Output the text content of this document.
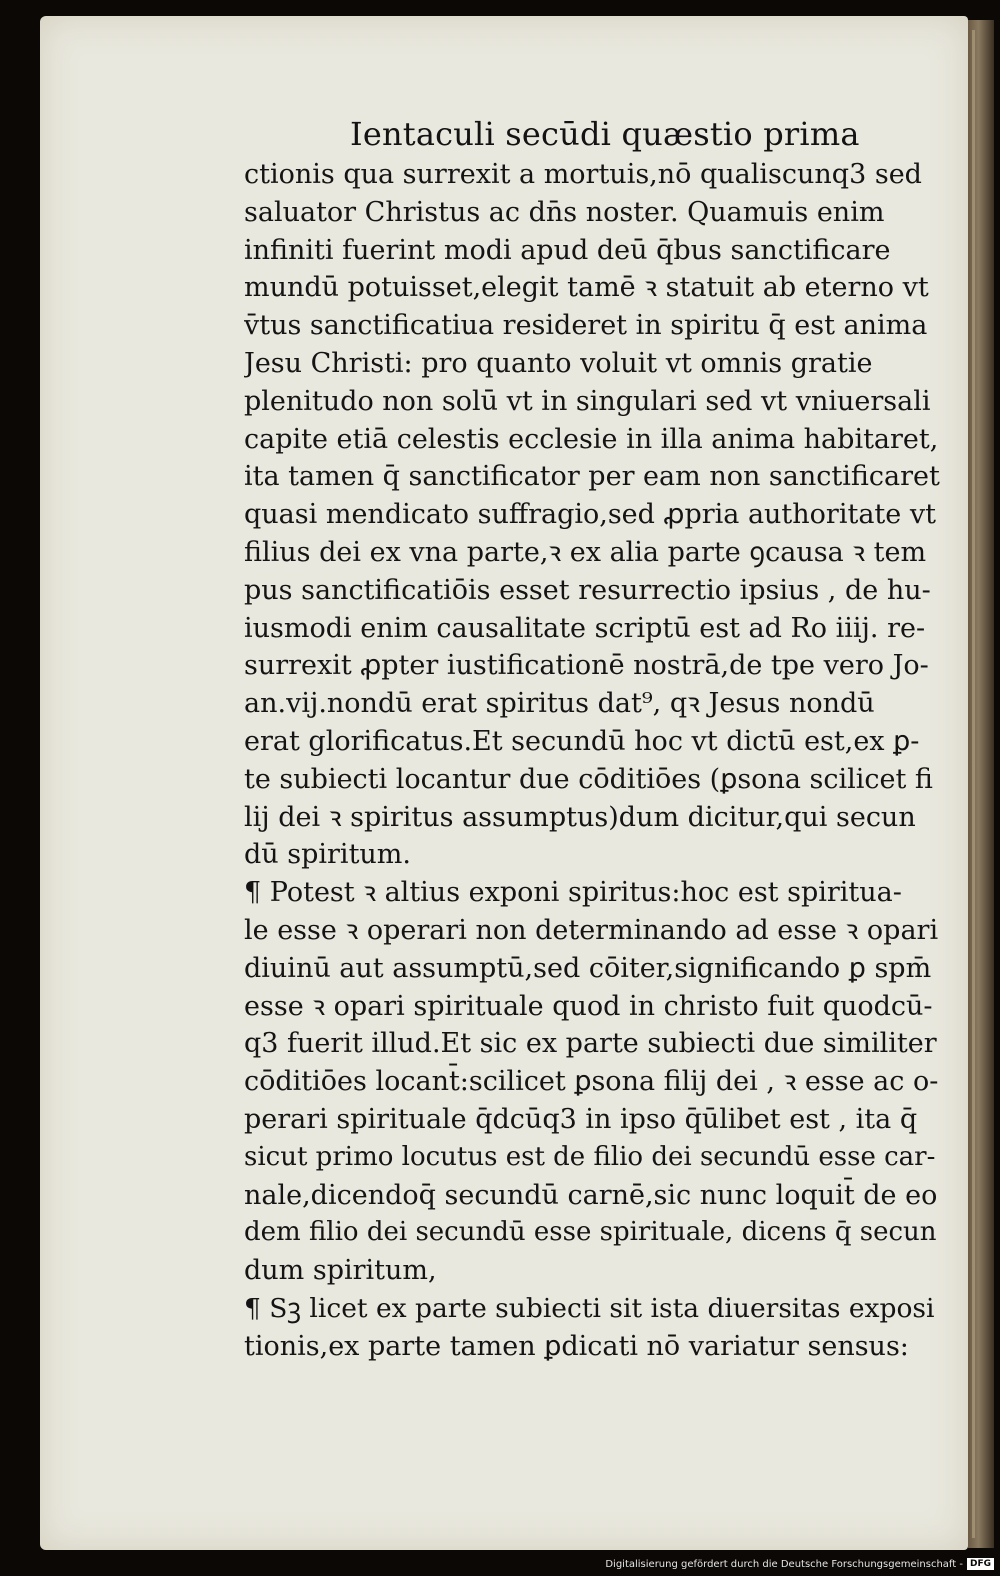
Ientaculi secūdi quæstio prima
ctionis qua surrexit a mortuis,nō qualiscunq3 sed
saluator Christus ac dn̄s noster. Quamuis enim
infiniti fuerint modi apud deū q̄bus sanctificare
mundū potuisset,elegit tamē ꝛ statuit ab eterno vt
v̄tus sanctificatiua resideret in spiritu q̄ est anima
Jesu Christi: pro quanto voluit vt omnis gratie
plenitudo non solū vt in singulari sed vt vniuersali
capite etiā celestis ecclesie in illa anima habitaret,
ita tamen q̄ sanctificator per eam non sanctificaret
quasi mendicato suffragio,sed ꝓpria authoritate vt
filius dei ex vna parte,ꝛ ex alia parte ꝯcausa ꝛ tem
pus sanctificatiōis esset resurrectio ipsius , de hu-
iusmodi enim causalitate scriptū est ad Ro iiij. re-
surrexit ꝓpter iustificationē nostrā,de tpe vero Jo-
an.vij.nondū erat spiritus dat⁹, qꝛ Jesus nondū
erat glorificatus.Et secundū hoc vt dictū est,ex ꝑ-
te subiecti locantur due cōditiōes (ꝑsona scilicet fi
lij dei ꝛ spiritus assumptus)dum dicitur,qui secun
dū spiritum.
¶ Potest ꝛ altius exponi spiritus:hoc est spiritua-
le esse ꝛ operari non determinando ad esse ꝛ opari
diuinū aut assumptū,sed cōiter,significando ꝑ spm̄
esse ꝛ opari spirituale quod in christo fuit quodcū-
q3 fuerit illud.Et sic ex parte subiecti due similiter
cōditiōes locant̄:scilicet ꝑsona filij dei , ꝛ esse ac o-
perari spirituale q̄dcūq3 in ipso q̄ūlibet est , ita q̄
sicut primo locutus est de filio dei secundū esse car-
nale,dicendoq̄ secundū carnē,sic nunc loquit̄ de eo
dem filio dei secundū esse spirituale, dicens q̄ secun
dum spiritum,
¶ Sꝫ licet ex parte subiecti sit ista diuersitas exposi
tionis,ex parte tamen ꝑdicati nō variatur sensus:
Digitalisierung gefördert durch die Deutsche Forschungsgemeinschaft - DFG
